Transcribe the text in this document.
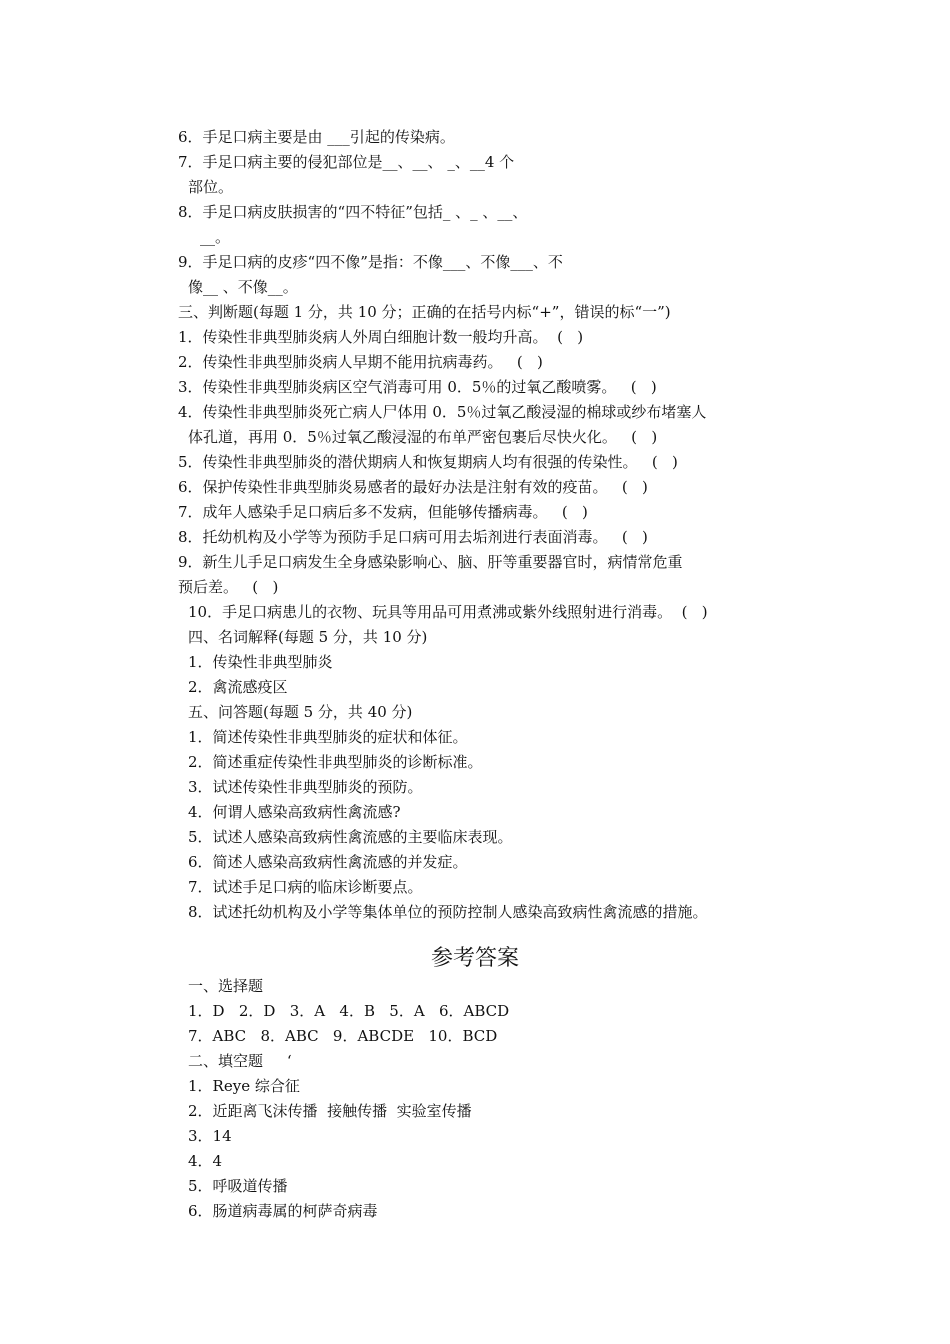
6．手足口病主要是由 ___引起的传染病。
7．手足口病主要的侵犯部位是__、__、 _、__4 个
部位。
8．手足口病皮肤损害的“四不特征”包括_ 、_ 、__、
__。
9．手足口病的皮疹“四不像”是指：不像___、不像___、不
像__ 、不像__。
三、判断题(每题 1 分，共 10 分；正确的在括号内标“+”，错误的标“一”)
1．传染性非典型肺炎病人外周白细胞计数一般均升高。  (   )
2．传染性非典型肺炎病人早期不能用抗病毒药。   (   )
3．传染性非典型肺炎病区空气消毒可用 0．5％的过氧乙酸喷雾。   (   )
4．传染性非典型肺炎死亡病人尸体用 0．5％过氧乙酸浸湿的棉球或纱布堵塞人
体孔道，再用 0．5％过氧乙酸浸湿的布单严密包裹后尽快火化。   (   )
5．传染性非典型肺炎的潜伏期病人和恢复期病人均有很强的传染性。   (   )
6．保护传染性非典型肺炎易感者的最好办法是注射有效的疫苗。   (   )
7．成年人感染手足口病后多不发病，但能够传播病毒。   (   )
8．托幼机构及小学等为预防手足口病可用去垢剂进行表面消毒。   (   )
9．新生儿手足口病发生全身感染影响心、脑、肝等重要器官时，病情常危重
预后差。   (   )
10．手足口病患儿的衣物、玩具等用品可用煮沸或紫外线照射进行消毒。  (   )
四、名词解释(每题 5 分，共 10 分)
1．传染性非典型肺炎
2．禽流感疫区
五、问答题(每题 5 分，共 40 分)
1．简述传染性非典型肺炎的症状和体征。
2．简述重症传染性非典型肺炎的诊断标准。
3．试述传染性非典型肺炎的预防。
4．何谓人感染高致病性禽流感?
5．试述人感染高致病性禽流感的主要临床表现。
6．简述人感染高致病性禽流感的并发症。
7．试述手足口病的临床诊断要点。
8．试述托幼机构及小学等集体单位的预防控制人感染高致病性禽流感的措施。
参考答案
一、选择题
1．D   2．D   3．A   4．B   5．A   6．ABCD
7．ABC   8．ABC   9．ABCDE   10．BCD
二、填空题     ‘
1．Reye 综合征
2．近距离飞沫传播  接触传播  实验室传播
3．14
4．4
5．呼吸道传播
6．肠道病毒属的柯萨奇病毒
